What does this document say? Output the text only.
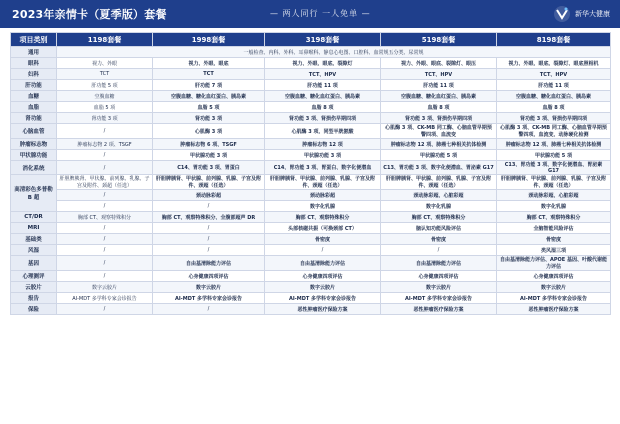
2023年亲情卡（夏季版）套餐	— 两人同行 一人免单 —	新华大健康
项目类别	1198套餐	1998套餐	3198套餐	5198套餐	8198套餐
通用	一般检查、内科、外科、耳鼻喉科、静息心电图、口腔科、血常规五分类、尿常规				
眼科	视力、外眼	视力、外眼、眼底	视力、外眼、眼底、裂隙灯	视力、外眼、眼底、裂隙灯、眼压	视力、外眼、眼底、裂隙灯、眼底照相机
妇科	TCT	TCT	TCT、HPV	TCT、HPV	TCT、HPV
肝功能	肝功能 5 项	肝功能 7 项	肝功能 11 项	肝功能 11 项	肝功能 11 项
血糖	空腹血糖	空腹血糖、糖化血红蛋白、胰岛素	空腹血糖、糖化血红蛋白、胰岛素	空腹血糖、糖化血红蛋白、胰岛素	空腹血糖、糖化血红蛋白、胰岛素
血脂	血脂 5 项	血脂 5 项	血脂 8 项	血脂 8 项	血脂 8 项
肾功能	肾功能 3 项	肾功能 3 项	肾功能 3 项、肾损伤早期四项	肾功能 3 项、肾损伤早期四项	肾功能 3 项、肾损伤早期四项
心脑血管	/	心肌酶 3 项	心肌酶 3 项、同型半胱氨酸	心肌酶 3 项、CK-MB 同工酶、心脑血管早期预警四项、血流变	心肌酶 3 项、CK-MB 同工酶、心脑血管早期预警四项、血流变、动脉硬化检测
肿瘤标志物	肿瘤标志物 2 项、TSGF	肿瘤标志物 6 项、TSGF	肿瘤标志物 12 项	肿瘤标志物 12 项、肺癌七种相关抗体检测	肿瘤标志物 12 项、肺癌七种相关抗体检测
甲状腺功能	/	甲状腺功能 3 项	甲状腺功能 3 项	甲状腺功能 5 项	甲状腺功能 5 项
消化系统	/	C14、胃功能 3 项、胃蛋白	C14、胃功能 3 项、胃蛋白、数字化便潜血	C13、胃功能 3 项、数字化便潜血、胃泌素 G17	C13、胃功能 3 项、数字化便潜血、胃泌素 G17
高清彩色多普勒 B 超	肝胆脾胰肾、甲状腺、前列腺、乳腺、子宫及附件、颈超（任选）	肝胆脾胰肾、甲状腺、前列腺、乳腺、子宫及附件、颈超（任选）	肝胆脾胰肾、甲状腺、前列腺、乳腺、子宫及附件、颈超（任选）	肝胆脾胰肾、甲状腺、前列腺、乳腺、子宫及附件、颈超（任选）	肝胆脾胰肾、甲状腺、前列腺、乳腺、子宫及附件、颈超（任选）
	/	颈动脉彩超	颈动脉彩超	颈动脉彩超、心脏彩超	颈动脉彩超、心脏彩超
	/	/	数字化乳腺	数字化乳腺	数字化乳腺
CT/DR	胸部 CT、观察特殊积分	胸部 CT、观察特殊积分、全腹部超声 DR	胸部 CT、观察特殊积分	胸部 CT、观察特殊积分	胸部 CT、观察特殊积分
MRI	/	/	头部核磁共振（可换颈部 CT）	脑认知功能风险评估	全脑智能风险评估
基础类	/	/	骨密度	骨密度	骨密度
风湿	/	/	/	/	类风湿三项
基因	/	自由基清除能力评估	自由基清除能力评估	自由基清除能力评估	自由基清除能力评估、APOE 基因、叶酸代谢能力评估
心理测评	/	心身健康四项评估	心身健康四项评估	心身健康四项评估	心身健康四项评估
云胶片	数字云胶片	数字云胶片	数字云胶片	数字云胶片	数字云胶片
报告	AI-MDT 多学科专家会诊报告	AI-MDT 多学科专家会诊报告	AI-MDT 多学科专家会诊报告	AI-MDT 多学科专家会诊报告	AI-MDT 多学科专家会诊报告
保险	/	/	恶性肿瘤医疗保险方案	恶性肿瘤医疗保险方案	恶性肿瘤医疗保险方案
